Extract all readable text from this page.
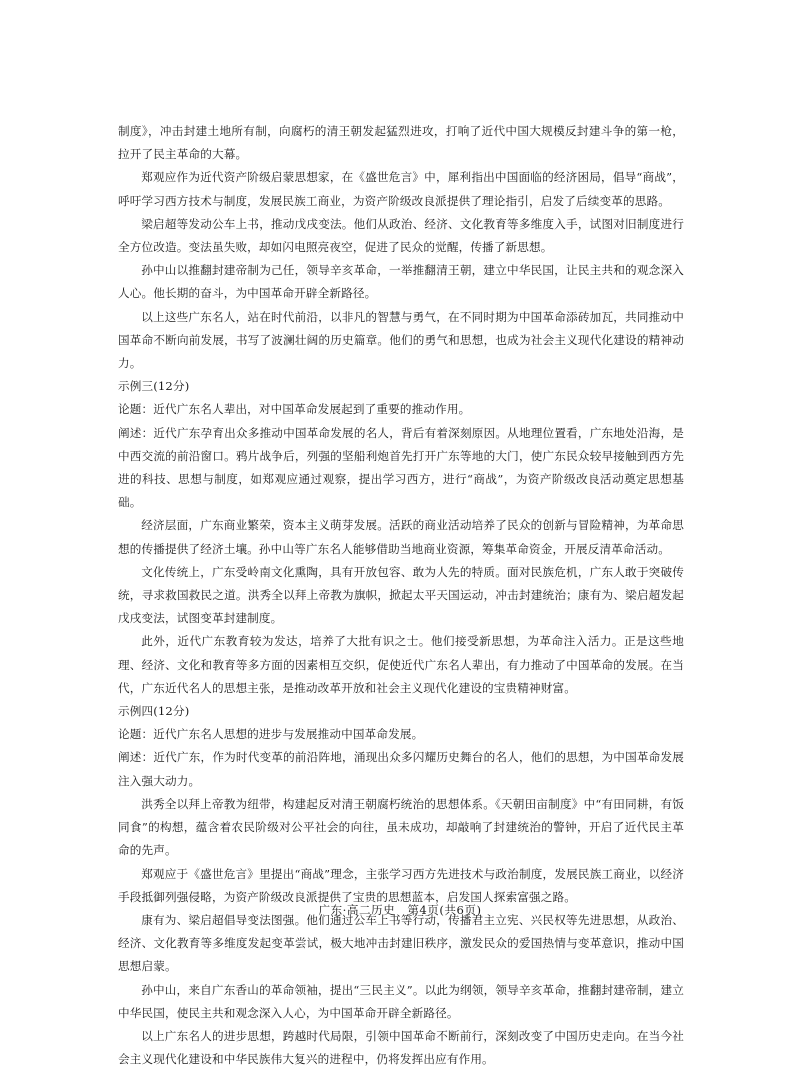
制度》，冲击封建土地所有制，向腐朽的清王朝发起猛烈进攻，打响了近代中国大规模反封建斗争的第一枪，拉开了民主革命的大幕。

郑观应作为近代资产阶级启蒙思想家，在《盛世危言》中，犀利指出中国面临的经济困局，倡导“商战”，呼吁学习西方技术与制度，发展民族工商业，为资产阶级改良派提供了理论指引，启发了后续变革的思路。

梁启超等发动公车上书，推动戊戌变法。他们从政治、经济、文化教育等多维度入手，试图对旧制度进行全方位改造。变法虽失败，却如闪电照亮夜空，促进了民众的觉醒，传播了新思想。

孙中山以推翻封建帝制为己任，领导辛亥革命，一举推翻清王朝，建立中华民国，让民主共和的观念深入人心。他长期的奋斗，为中国革命开辟全新路径。

以上这些广东名人，站在时代前沿，以非凡的智慧与勇气，在不同时期为中国革命添砖加瓦，共同推动中国革命不断向前发展，书写了波澜壮阔的历史篇章。他们的勇气和思想，也成为社会主义现代化建设的精神动力。

示例三(12分)

论题：近代广东名人辈出，对中国革命发展起到了重要的推动作用。

阐述：近代广东孕育出众多推动中国革命发展的名人，背后有着深刻原因。从地理位置看，广东地处沿海，是中西交流的前沿窗口。鸦片战争后，列强的坚船利炮首先打开广东等地的大门，使广东民众较早接触到西方先进的科技、思想与制度，如郑观应通过观察，提出学习西方，进行“商战”，为资产阶级改良活动奠定思想基础。

经济层面，广东商业繁荣，资本主义萌芽发展。活跃的商业活动培养了民众的创新与冒险精神，为革命思想的传播提供了经济土壤。孙中山等广东名人能够借助当地商业资源，筹集革命资金，开展反清革命活动。

文化传统上，广东受岭南文化熏陶，具有开放包容、敢为人先的特质。面对民族危机，广东人敢于突破传统，寻求救国救民之道。洪秀全以拜上帝教为旗帜，掀起太平天国运动，冲击封建统治；康有为、梁启超发起戊戌变法，试图变革封建制度。

此外，近代广东教育较为发达，培养了大批有识之士。他们接受新思想，为革命注入活力。正是这些地理、经济、文化和教育等多方面的因素相互交织，促使近代广东名人辈出，有力推动了中国革命的发展。在当代，广东近代名人的思想主张，是推动改革开放和社会主义现代化建设的宝贵精神财富。

示例四(12分)

论题：近代广东名人思想的进步与发展推动中国革命发展。

阐述：近代广东，作为时代变革的前沿阵地，涌现出众多闪耀历史舞台的名人，他们的思想，为中国革命发展注入强大动力。

洪秀全以拜上帝教为纽带，构建起反对清王朝腐朽统治的思想体系。《天朝田亩制度》中“有田同耕，有饭同食”的构想，蕴含着农民阶级对公平社会的向往，虽未成功，却敲响了封建统治的警钟，开启了近代民主革命的先声。

郑观应于《盛世危言》里提出“商战”理念，主张学习西方先进技术与政治制度，发展民族工商业，以经济手段抵御列强侵略，为资产阶级改良派提供了宝贵的思想蓝本，启发国人探索富强之路。

康有为、梁启超倡导变法图强。他们通过公车上书等行动，传播君主立宪、兴民权等先进思想，从政治、经济、文化教育等多维度发起变革尝试，极大地冲击封建旧秩序，激发民众的爱国热情与变革意识，推动中国思想启蒙。

孙中山，来自广东香山的革命领袖，提出“三民主义”。以此为纲领，领导辛亥革命，推翻封建帝制，建立中华民国，使民主共和观念深入人心，为中国革命开辟全新路径。

以上广东名人的进步思想，跨越时代局限，引领中国革命不断前行，深刻改变了中国历史走向。在当今社会主义现代化建设和中华民族伟大复兴的进程中，仍将发挥出应有作用。

广东·高二历史　第4页(共6页)
